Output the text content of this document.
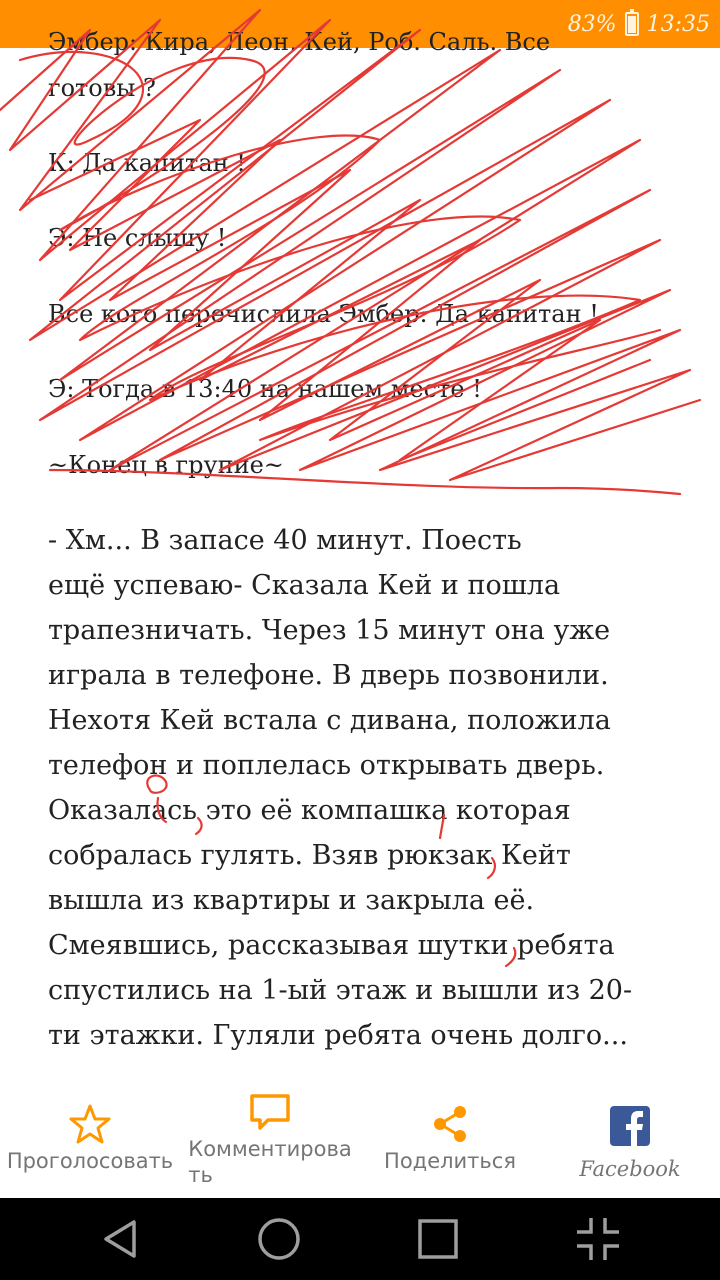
83% 13:35
Эмбер: Кира, Леон, Кей, Роб. Саль. Все
готовы ?
К: Да капитан !
Э: Не слышу !
Все кого перечислила Эмбер: Да капитан !
Э: Тогда в 13:40 на нашем месте !
~Конец в групие~
- Хм... В запасе 40 минут. Поесть
ещё успеваю- Сказала Кей и пошла
трапезничать. Через 15 минут она уже
играла в телефоне. В дверь позвонили.
Нехотя Кей встала с дивана, положила
телефон и поплелась открывать дверь.
Оказалась это её компашка которая
собралась гулять. Взяв рюкзак Кейт
вышла из квартиры и закрыла её.
Смеявшись, рассказывая шутки ребята
спустились на 1-ый этаж и вышли из 20-
ти этажки. Гуляли ребята очень долго...
Проголосовать Комментирова
ть
Поделиться	Facebook
